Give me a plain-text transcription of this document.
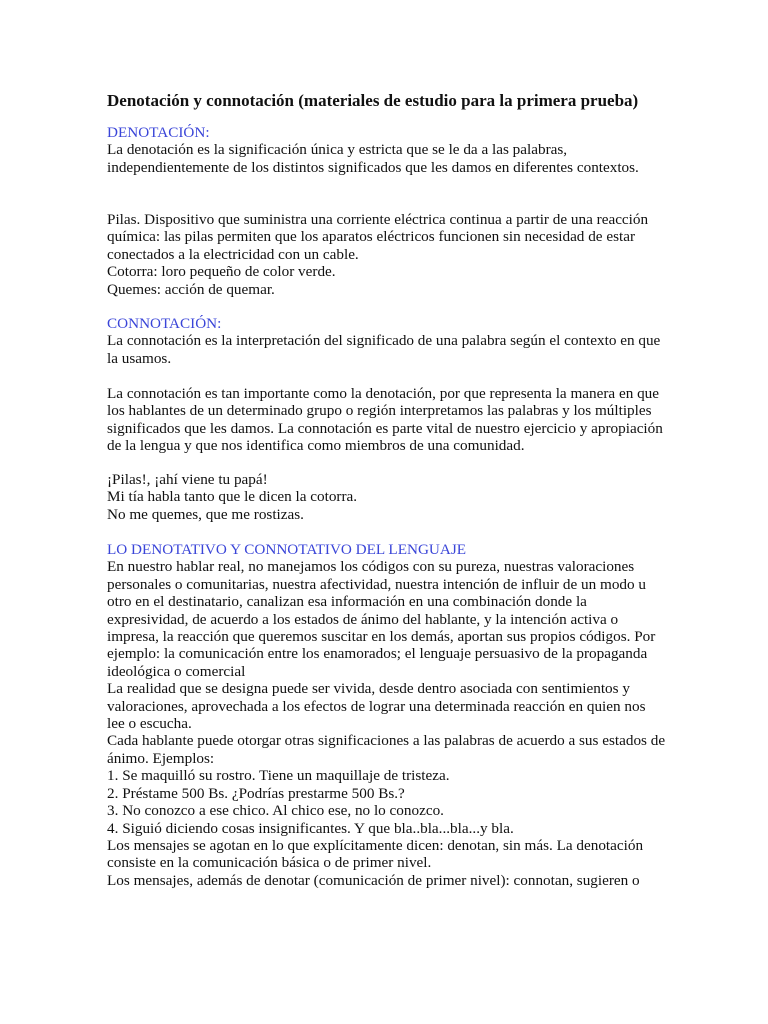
Denotación y connotación (materiales de estudio para la primera prueba)
DENOTACIÓN:
La denotación es la significación única y estricta que se le da a las palabras,
independientemente de los distintos significados que les damos en diferentes contextos.
Pilas. Dispositivo que suministra una corriente eléctrica continua a partir de una reacción
química: las pilas permiten que los aparatos eléctricos funcionen sin necesidad de estar
conectados a la electricidad con un cable.
Cotorra: loro pequeño de color verde.
Quemes: acción de quemar.
CONNOTACIÓN:
La connotación es la interpretación del significado de una palabra según el contexto en que
la usamos.
La connotación es tan importante como la denotación, por que representa la manera en que
los hablantes de un determinado grupo o región interpretamos las palabras y los múltiples
significados que les damos. La connotación es parte vital de nuestro ejercicio y apropiación
de la lengua y que nos identifica como miembros de una comunidad.
¡Pilas!, ¡ahí viene tu papá!
Mi tía habla tanto que le dicen la cotorra.
No me quemes, que me rostizas.
LO DENOTATIVO Y CONNOTATIVO DEL LENGUAJE
En nuestro hablar real, no manejamos los códigos con su pureza, nuestras valoraciones
personales o comunitarias, nuestra afectividad, nuestra intención de influir de un modo u
otro en el destinatario, canalizan esa información en una combinación donde la
expresividad, de acuerdo a los estados de ánimo del hablante, y la intención activa o
impresa, la reacción que queremos suscitar en los demás, aportan sus propios códigos. Por
ejemplo: la comunicación entre los enamorados; el lenguaje persuasivo de la propaganda
ideológica o comercial
La realidad que se designa puede ser vivida, desde dentro asociada con sentimientos y
valoraciones, aprovechada a los efectos de lograr una determinada reacción en quien nos
lee o escucha.
Cada hablante puede otorgar otras significaciones a las palabras de acuerdo a sus estados de
ánimo. Ejemplos:
1. Se maquilló su rostro. Tiene un maquillaje de tristeza.
2. Préstame 500 Bs. ¿Podrías prestarme 500 Bs.?
3. No conozco a ese chico. Al chico ese, no lo conozco.
4. Siguió diciendo cosas insignificantes. Y que bla..bla...bla...y bla.
Los mensajes se agotan en lo que explícitamente dicen: denotan, sin más. La denotación
consiste en la comunicación básica o de primer nivel.
Los mensajes, además de denotar (comunicación de primer nivel): connotan, sugieren o
